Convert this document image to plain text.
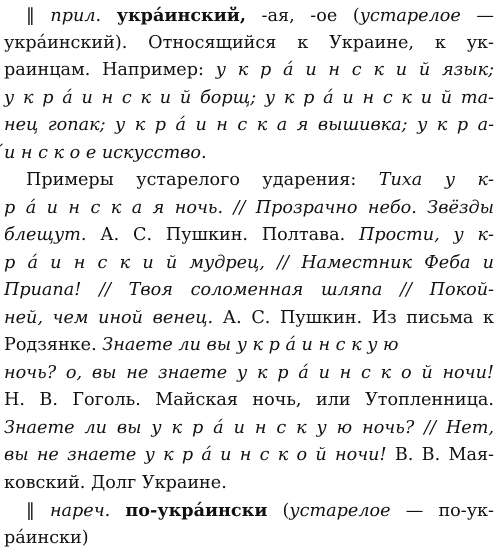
‖ прил. укра́инский, -ая, -ое (устарелое —
укра́инский). Относящийся к Украине, к ук-
раинцам. Например: у к р а́ и н с к и й язык;
у к р а́ и н с к и й борщ; у к р а́ и н с к и й та-
нец гопак; у к р а́ и н с к а я вышивка; у к р а-
́и н с к о е искусство.
Примеры устарелого ударения: Тиха у к-
р а́ и н с к а я ночь. // Прозрачно небо. Звёзды
блещут. А. С. Пушкин. Полтава. Прости, у к-
р а́ и н с к и й мудрец, // Наместник Феба и
Приапа! // Твоя соломенная шляпа // Покой-
ней, чем иной венец. А. С. Пушкин. Из письма к
Родзянке. Знаете ли вы у к р а́ и н с к у ю
ночь? о, вы не знаете у к р а́ и н с к о й ночи!
Н. В. Гоголь. Майская ночь, или Утопленница.
Знаете ли вы у к р а́ и н с к у ю ночь? // Нет,
вы не знаете у к р а́ и н с к о й ночи! В. В. Мая-
ковский. Долг Украине.
‖ нареч. по-укра́ински (устарелое — по-ук-
ра́ински)
